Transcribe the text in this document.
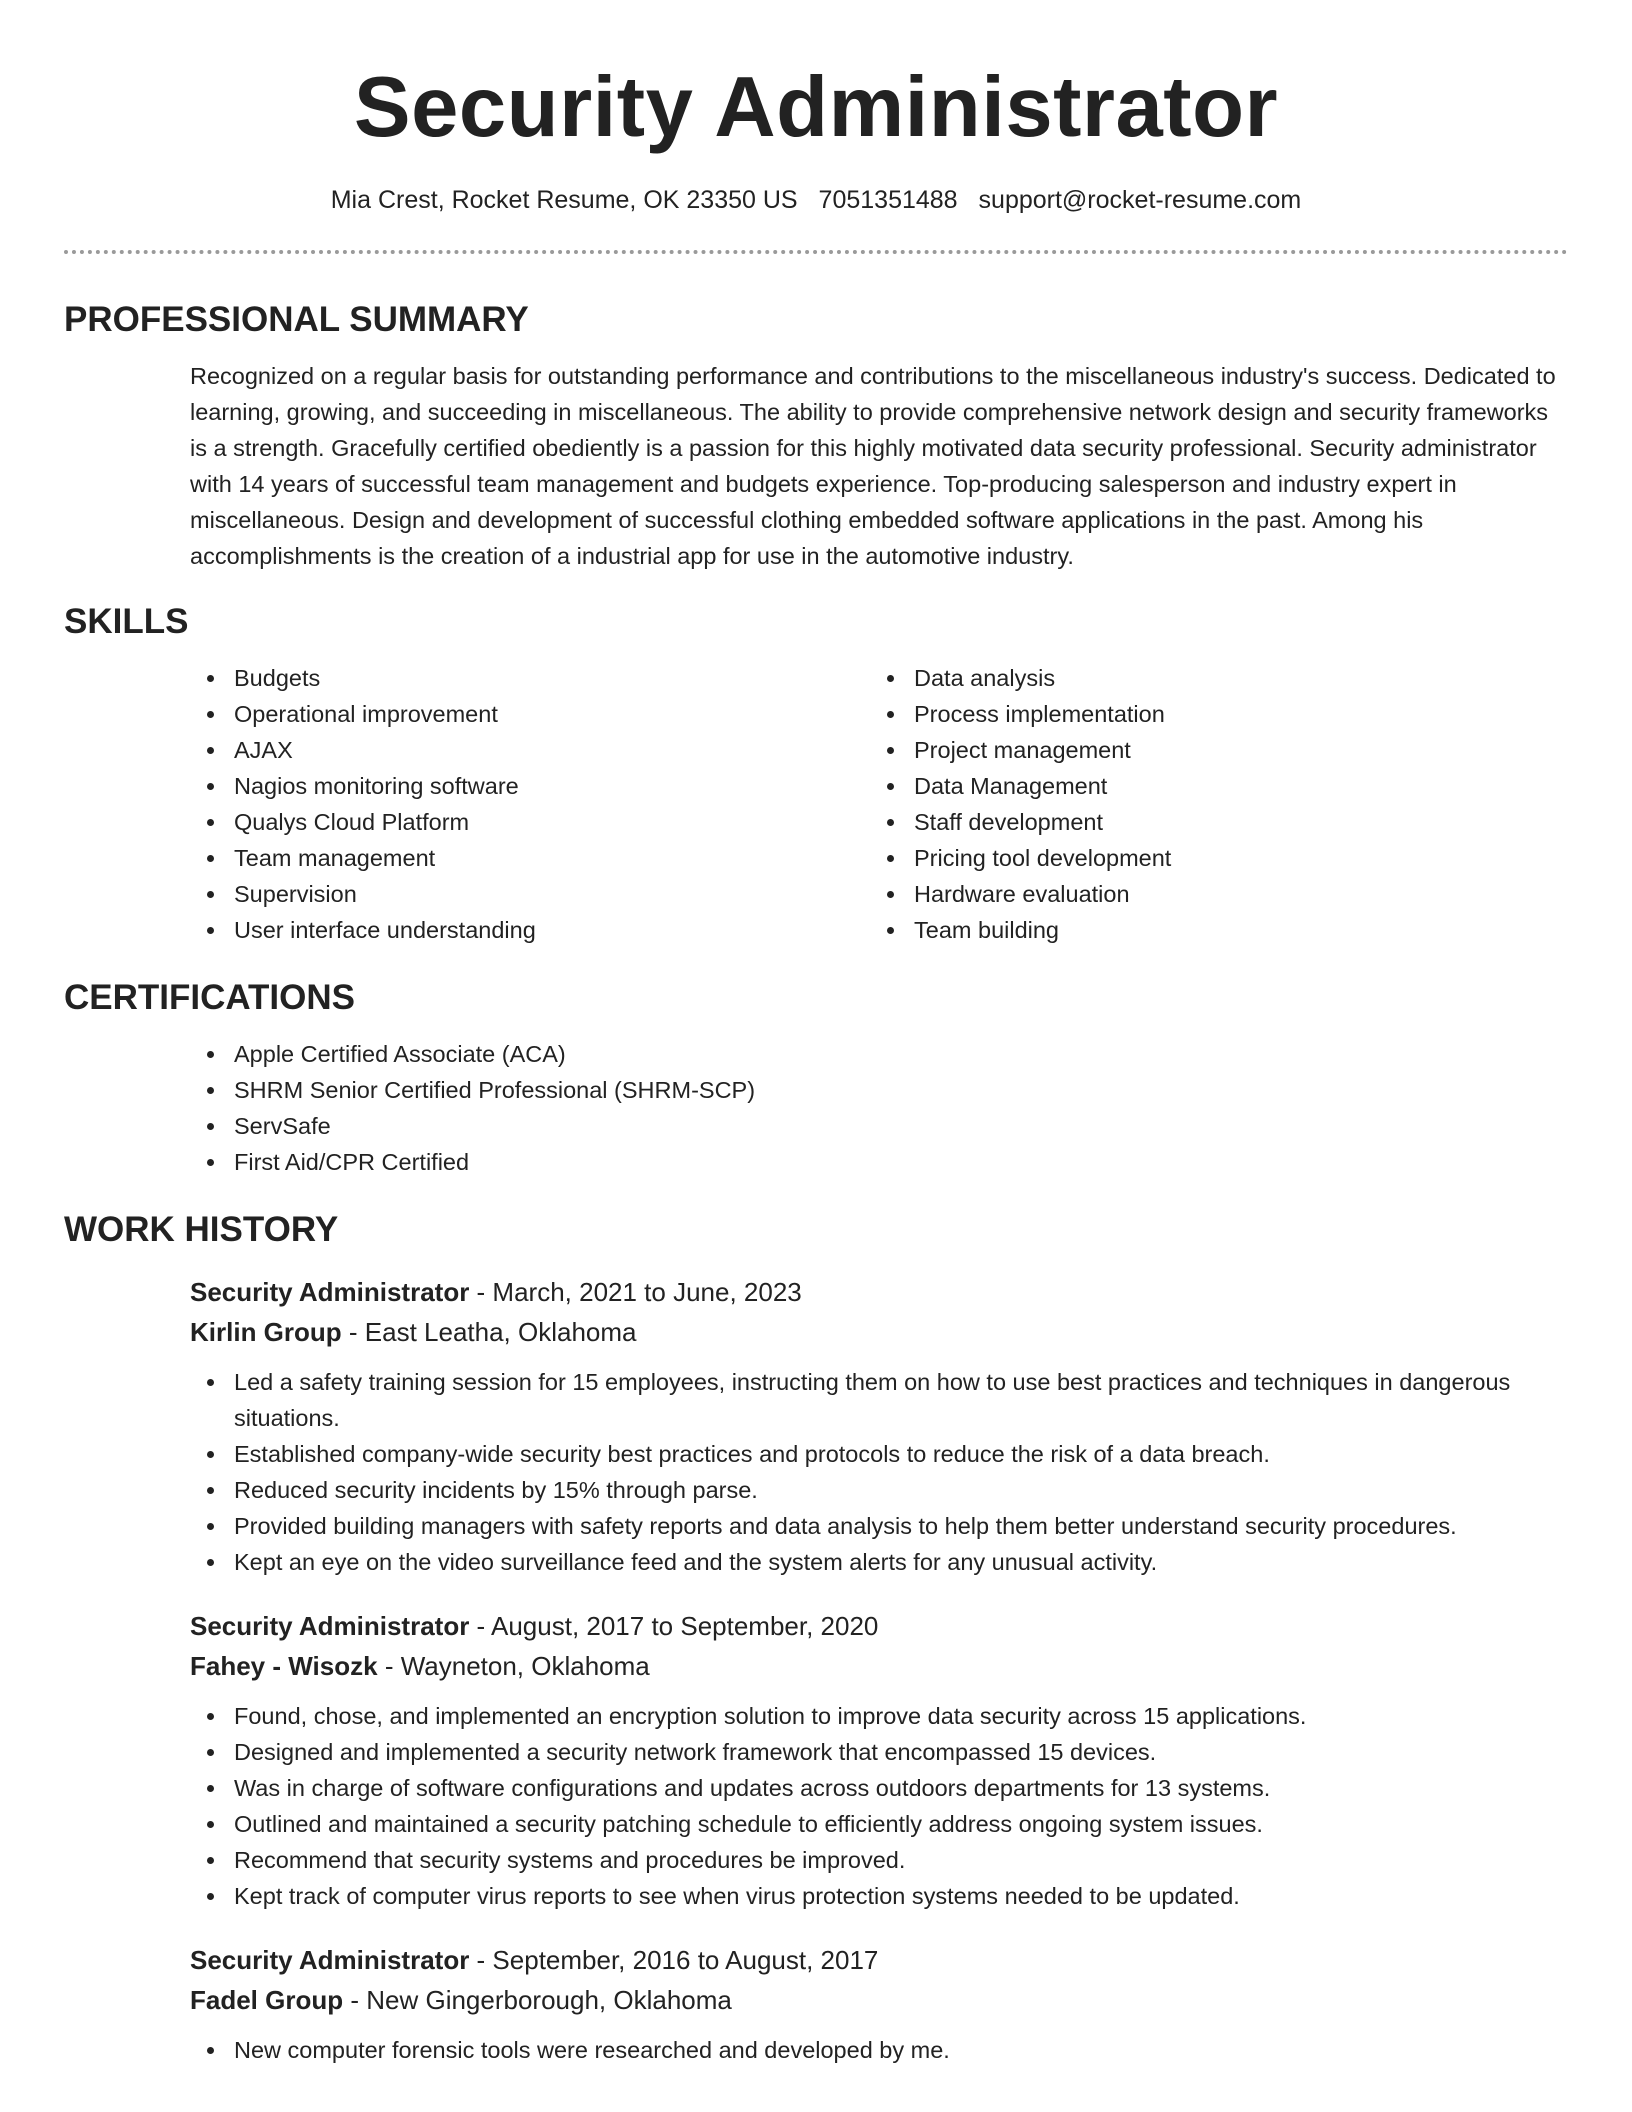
Security Administrator
Mia Crest, Rocket Resume, OK 23350 US 7051351488 support@rocket-resume.com
PROFESSIONAL SUMMARY
Recognized on a regular basis for outstanding performance and contributions to the miscellaneous industry's success. Dedicated to learning, growing, and succeeding in miscellaneous. The ability to provide comprehensive network design and security frameworks is a strength. Gracefully certified obediently is a passion for this highly motivated data security professional. Security administrator with 14 years of successful team management and budgets experience. Top-producing salesperson and industry expert in miscellaneous. Design and development of successful clothing embedded software applications in the past. Among his accomplishments is the creation of a industrial app for use in the automotive industry.
SKILLS
Budgets
Operational improvement
AJAX
Nagios monitoring software
Qualys Cloud Platform
Team management
Supervision
User interface understanding
Data analysis
Process implementation
Project management
Data Management
Staff development
Pricing tool development
Hardware evaluation
Team building
CERTIFICATIONS
Apple Certified Associate (ACA)
SHRM Senior Certified Professional (SHRM-SCP)
ServSafe
First Aid/CPR Certified
WORK HISTORY
Security Administrator - March, 2021 to June, 2023
Kirlin Group - East Leatha, Oklahoma
Led a safety training session for 15 employees, instructing them on how to use best practices and techniques in dangerous situations.
Established company-wide security best practices and protocols to reduce the risk of a data breach.
Reduced security incidents by 15% through parse.
Provided building managers with safety reports and data analysis to help them better understand security procedures.
Kept an eye on the video surveillance feed and the system alerts for any unusual activity.
Security Administrator - August, 2017 to September, 2020
Fahey - Wisozk - Wayneton, Oklahoma
Found, chose, and implemented an encryption solution to improve data security across 15 applications.
Designed and implemented a security network framework that encompassed 15 devices.
Was in charge of software configurations and updates across outdoors departments for 13 systems.
Outlined and maintained a security patching schedule to efficiently address ongoing system issues.
Recommend that security systems and procedures be improved.
Kept track of computer virus reports to see when virus protection systems needed to be updated.
Security Administrator - September, 2016 to August, 2017
Fadel Group - New Gingerborough, Oklahoma
New computer forensic tools were researched and developed by me.
